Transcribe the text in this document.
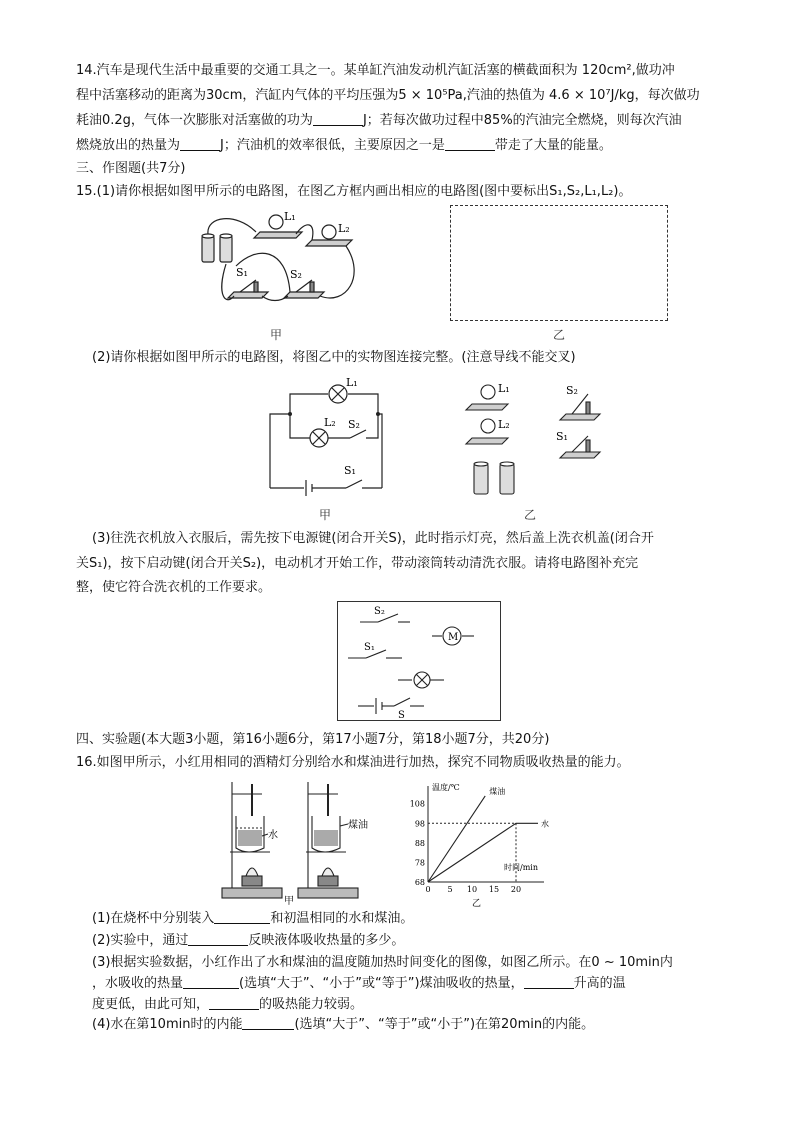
14.汽车是现代生活中最重要的交通工具之一。某单缸汽油发动机汽缸活塞的横截面积为 120cm²,做功冲
程中活塞移动的距离为30cm，汽缸内气体的平均压强为5 × 10⁵Pa,汽油的热值为 4.6 × 10⁷J/kg，每次做功
耗油0.2g，气体一次膨胀对活塞做的功为	J；若每次做功过程中85%的汽油完全燃烧，则每次汽油
燃烧放出的热量为	J；汽油机的效率很低，主要原因之一是	带走了大量的能量。
三、作图题(共7分)
15.(1)请你根据如图甲所示的电路图，在图乙方框内画出相应的电路图(图中要标出S₁,S₂,L₁,L₂)。
L₁
L₂
S₁	S₂
甲	乙
(2)请你根据如图甲所示的电路图，将图乙中的实物图连接完整。(注意导线不能交叉)
L₁
L₂ S₂
S₁
甲
L₁
L₂
S₂
S₁
乙
(3)往洗衣机放入衣服后，需先按下电源键(闭合开关S)，此时指示灯亮，然后盖上洗衣机盖(闭合开
关S₁)，按下启动键(闭合开关S₂)，电动机才开始工作，带动滚筒转动清洗衣服。请将电路图补充完
整，使它符合洗衣机的工作要求。
S₂
M
S₁
S
四、实验题(本大题3小题，第16小题6分，第17小题7分，第18小题7分，共20分)
16.如图甲所示，小红用相同的酒精灯分别给水和煤油进行加热，探究不同物质吸收热量的能力。
水
煤油
甲
温度/℃
时间/min
68
78
88
98
108
0 5 10 15 20
煤油
水
乙
(1)在烧杯中分别装入	和初温相同的水和煤油。
(2)实验中，通过	反映液体吸收热量的多少。
(3)根据实验数据，小红作出了水和煤油的温度随加热时间变化的图像，如图乙所示。在0 ~ 10min内
，水吸收的热量	(选填“大于”、“小于”或“等于”)煤油吸收的热量，	升高的温
度更低，由此可知，	的吸热能力较弱。
(4)水在第10min时的内能	(选填“大于”、“等于”或“小于”)在第20min的内能。
